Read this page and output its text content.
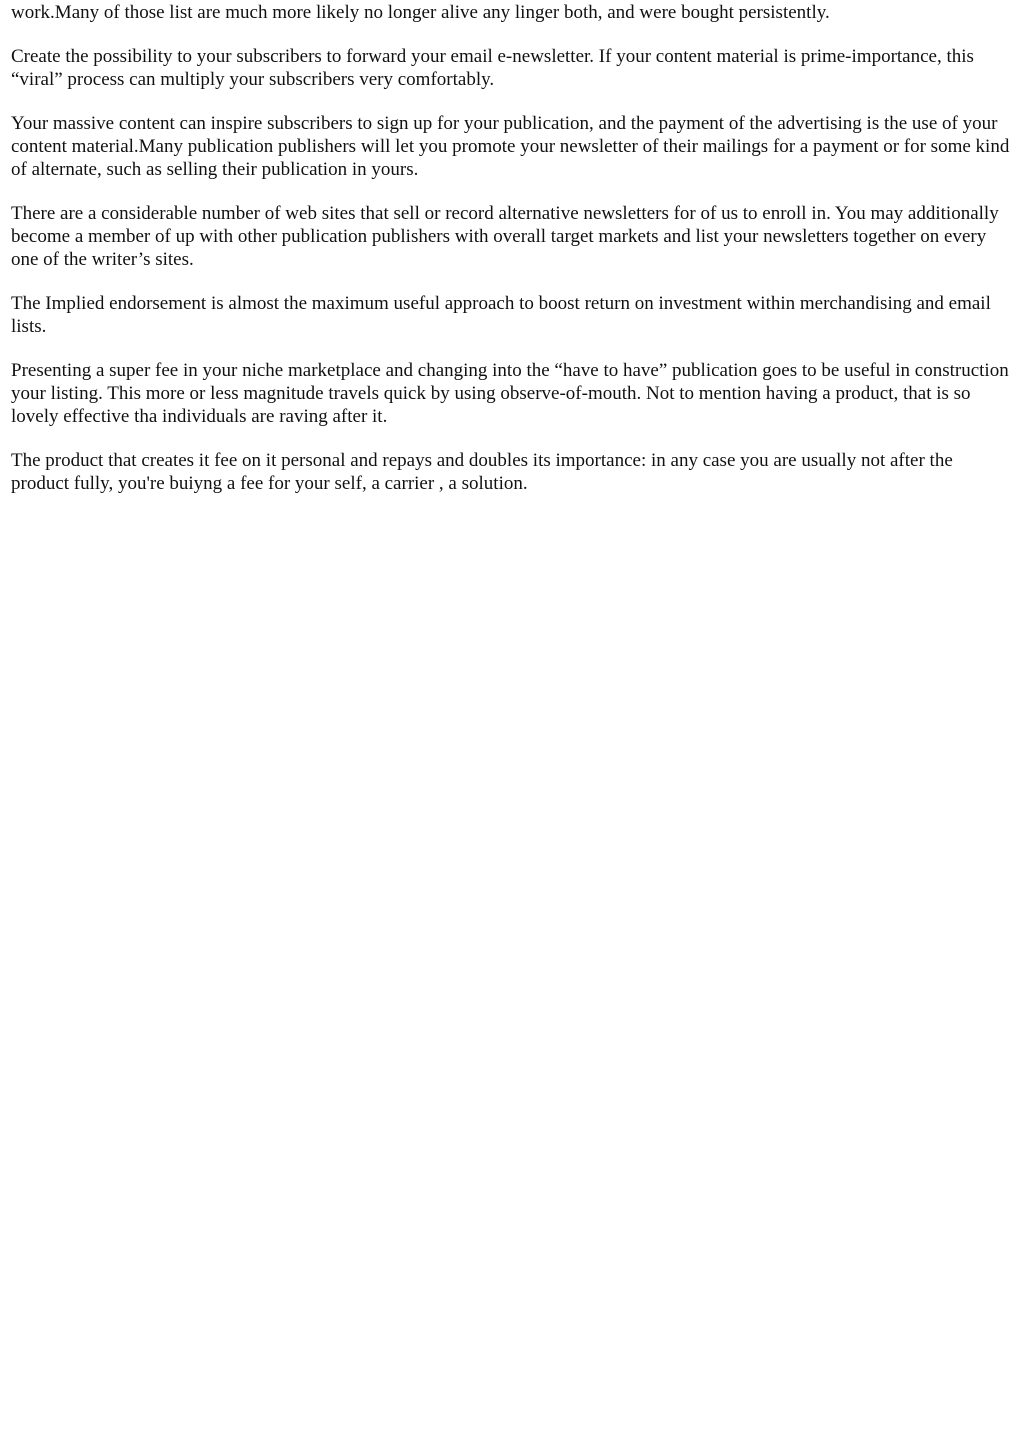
work.Many of those list are much more likely no longer alive any linger both, and were bought persistently.

Create the possibility to your subscribers to forward your email e-newsletter. If your content material is prime-importance, this “viral” process can multiply your subscribers very comfortably.

Your massive content can inspire subscribers to sign up for your publication, and the payment of the advertising is the use of your content material.Many publication publishers will let you promote your newsletter of their mailings for a payment or for some kind of alternate, such as selling their publication in yours.

There are a considerable number of web sites that sell or record alternative newsletters for of us to enroll in. You may additionally become a member of up with other publication publishers with overall target markets and list your newsletters together on every one of the writer’s sites.

The Implied endorsement is almost the maximum useful approach to boost return on investment within merchandising and email lists.

Presenting a super fee in your niche marketplace and changing into the “have to have” publication goes to be useful in construction your listing. This more or less magnitude travels quick by using observe-of-mouth. Not to mention having a product, that is so lovely effective tha individuals are raving after it.

The product that creates it fee on it personal and repays and doubles its importance: in any case you are usually not after the product fully, you're buiyng a fee for your self, a carrier , a solution.
